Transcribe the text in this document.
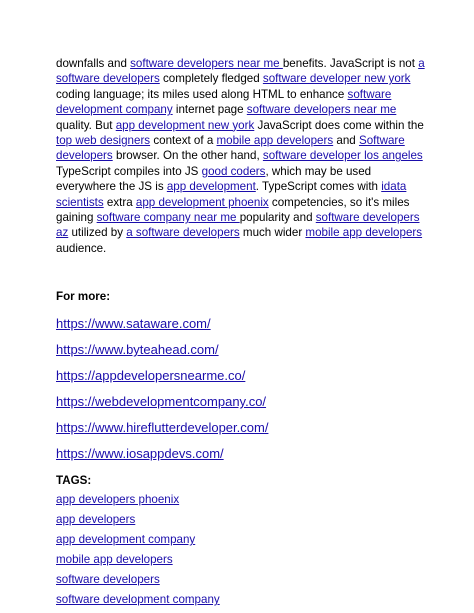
downfalls and software developers near me benefits. JavaScript is not a software developers completely fledged software developer new york coding language; its miles used along HTML to enhance software development company internet page software developers near me quality. But app development new york JavaScript does come within the top web designers context of a mobile app developers and Software developers browser. On the other hand, software developer los angeles TypeScript compiles into JS good coders, which may be used everywhere the JS is app development. TypeScript comes with idata scientists extra app development phoenix competencies, so it's miles gaining software company near me popularity and software developers az utilized by a software developers much wider mobile app developers audience.

For more:
https://www.sataware.com/
https://www.byteahead.com/
https://appdevelopersnearme.co/
https://webdevelopmentcompany.co/
https://www.hireflutterdeveloper.com/
https://www.iosappdevs.com/
TAGS:
app developers phoenix
app developers
app development company
mobile app developers
software developers
software development company
